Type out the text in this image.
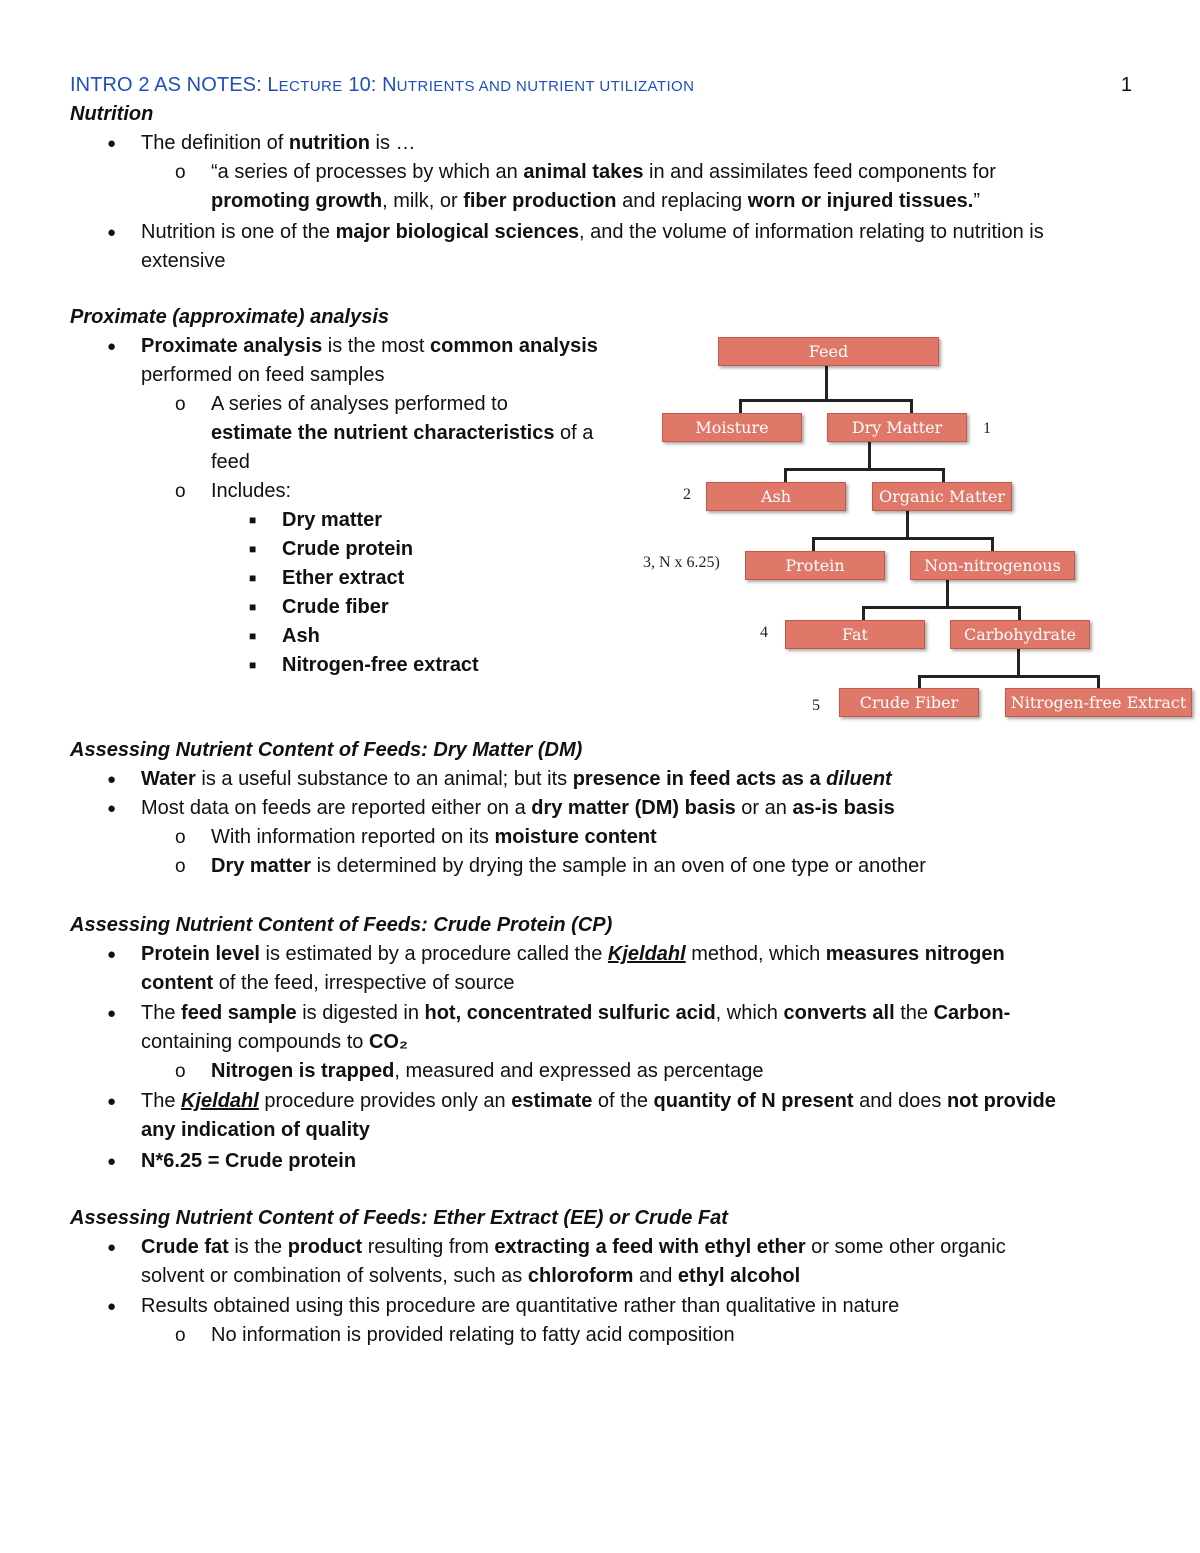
INTRO 2 AS NOTES: LECTURE 10: NUTRIENTS AND NUTRIENT UTILIZATION	1
Nutrition
● The definition of nutrition is …
o “a series of processes by which an animal takes in and assimilates feed components for
promoting growth, milk, or fiber production and replacing worn or injured tissues.”
● Nutrition is one of the major biological sciences, and the volume of information relating to nutrition is
extensive
Proximate (approximate) analysis
● Proximate analysis is the most common analysis
performed on feed samples
o A series of analyses performed to
estimate the nutrient characteristics of a
feed
o Includes:
■ Dry matter
■ Crude protein
■ Ether extract
■ Crude fiber
■ Ash
■ Nitrogen-free extract
Feed
Moisture	Dry Matter
Ash	Organic Matter
Protein	Non-nitrogenous
Fat	Carbohydrate
Crude Fiber	Nitrogen-free Extract
1
2
3, N x 6.25)
4
5
Assessing Nutrient Content of Feeds: Dry Matter (DM)
● Water is a useful substance to an animal; but its presence in feed acts as a diluent
● Most data on feeds are reported either on a dry matter (DM) basis or an as-is basis
o With information reported on its moisture content
o Dry matter is determined by drying the sample in an oven of one type or another
Assessing Nutrient Content of Feeds: Crude Protein (CP)
● Protein level is estimated by a procedure called the Kjeldahl method, which measures nitrogen
content of the feed, irrespective of source
● The feed sample is digested in hot, concentrated sulfuric acid, which converts all the Carbon-
containing compounds to CO₂
o Nitrogen is trapped, measured and expressed as percentage
● The Kjeldahl procedure provides only an estimate of the quantity of N present and does not provide
any indication of quality
● N*6.25 = Crude protein
Assessing Nutrient Content of Feeds: Ether Extract (EE) or Crude Fat
● Crude fat is the product resulting from extracting a feed with ethyl ether or some other organic
solvent or combination of solvents, such as chloroform and ethyl alcohol
● Results obtained using this procedure are quantitative rather than qualitative in nature
o No information is provided relating to fatty acid composition
